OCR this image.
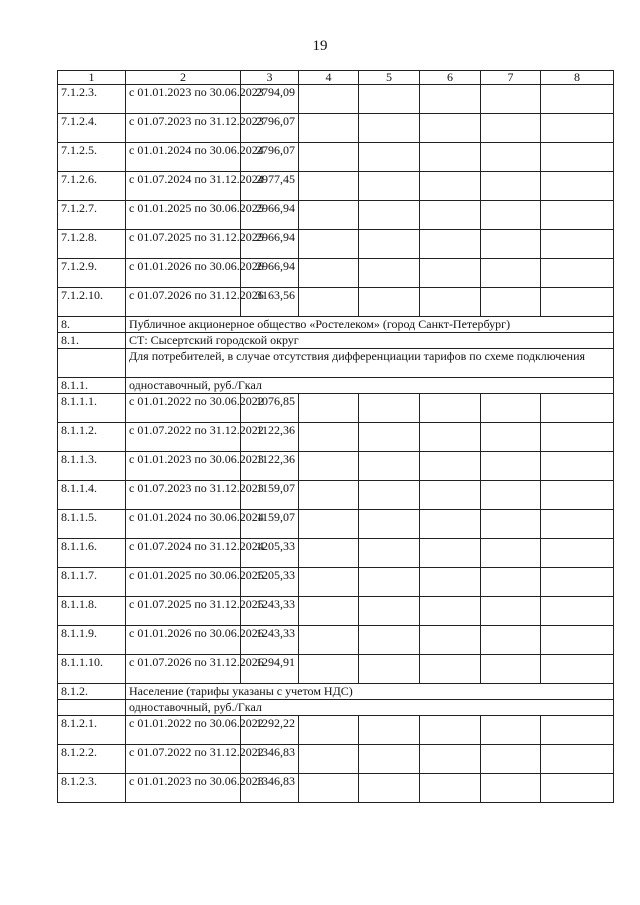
19
1	2	3	4	5	6	7	8
7.1.2.3.	с 01.01.2023 по 30.06.2023	2794,09					
7.1.2.4.	с 01.07.2023 по 31.12.2023	2796,07					
7.1.2.5.	с 01.01.2024 по 30.06.2024	2796,07					
7.1.2.6.	с 01.07.2024 по 31.12.2024	2977,45					
7.1.2.7.	с 01.01.2025 по 30.06.2025	2966,94					
7.1.2.8.	с 01.07.2025 по 31.12.2025	2966,94					
7.1.2.9.	с 01.01.2026 по 30.06.2026	2966,94					
7.1.2.10.	с 01.07.2026 по 31.12.2026	3163,56					
8.	Публичное акционерное общество «Ростелеком» (город Санкт-Петербург)						
8.1.	СТ: Сысертский городской округ						
	Для потребителей, в случае отсутствия дифференциации тарифов по схеме подключения						
8.1.1.	одноставочный, руб./Гкал						
8.1.1.1.	с 01.01.2022 по 30.06.2022	1076,85					
8.1.1.2.	с 01.07.2022 по 31.12.2022	1122,36					
8.1.1.3.	с 01.01.2023 по 30.06.2023	1122,36					
8.1.1.4.	с 01.07.2023 по 31.12.2023	1159,07					
8.1.1.5.	с 01.01.2024 по 30.06.2024	1159,07					
8.1.1.6.	с 01.07.2024 по 31.12.2024	1205,33					
8.1.1.7.	с 01.01.2025 по 30.06.2025	1205,33					
8.1.1.8.	с 01.07.2025 по 31.12.2025	1243,33					
8.1.1.9.	с 01.01.2026 по 30.06.2026	1243,33					
8.1.1.10.	с 01.07.2026 по 31.12.2026	1294,91					
8.1.2.	Население (тарифы указаны с учетом НДС)						
	одноставочный, руб./Гкал						
8.1.2.1.	с 01.01.2022 по 30.06.2022	1292,22					
8.1.2.2.	с 01.07.2022 по 31.12.2022	1346,83					
8.1.2.3.	с 01.01.2023 по 30.06.2023	1346,83					
